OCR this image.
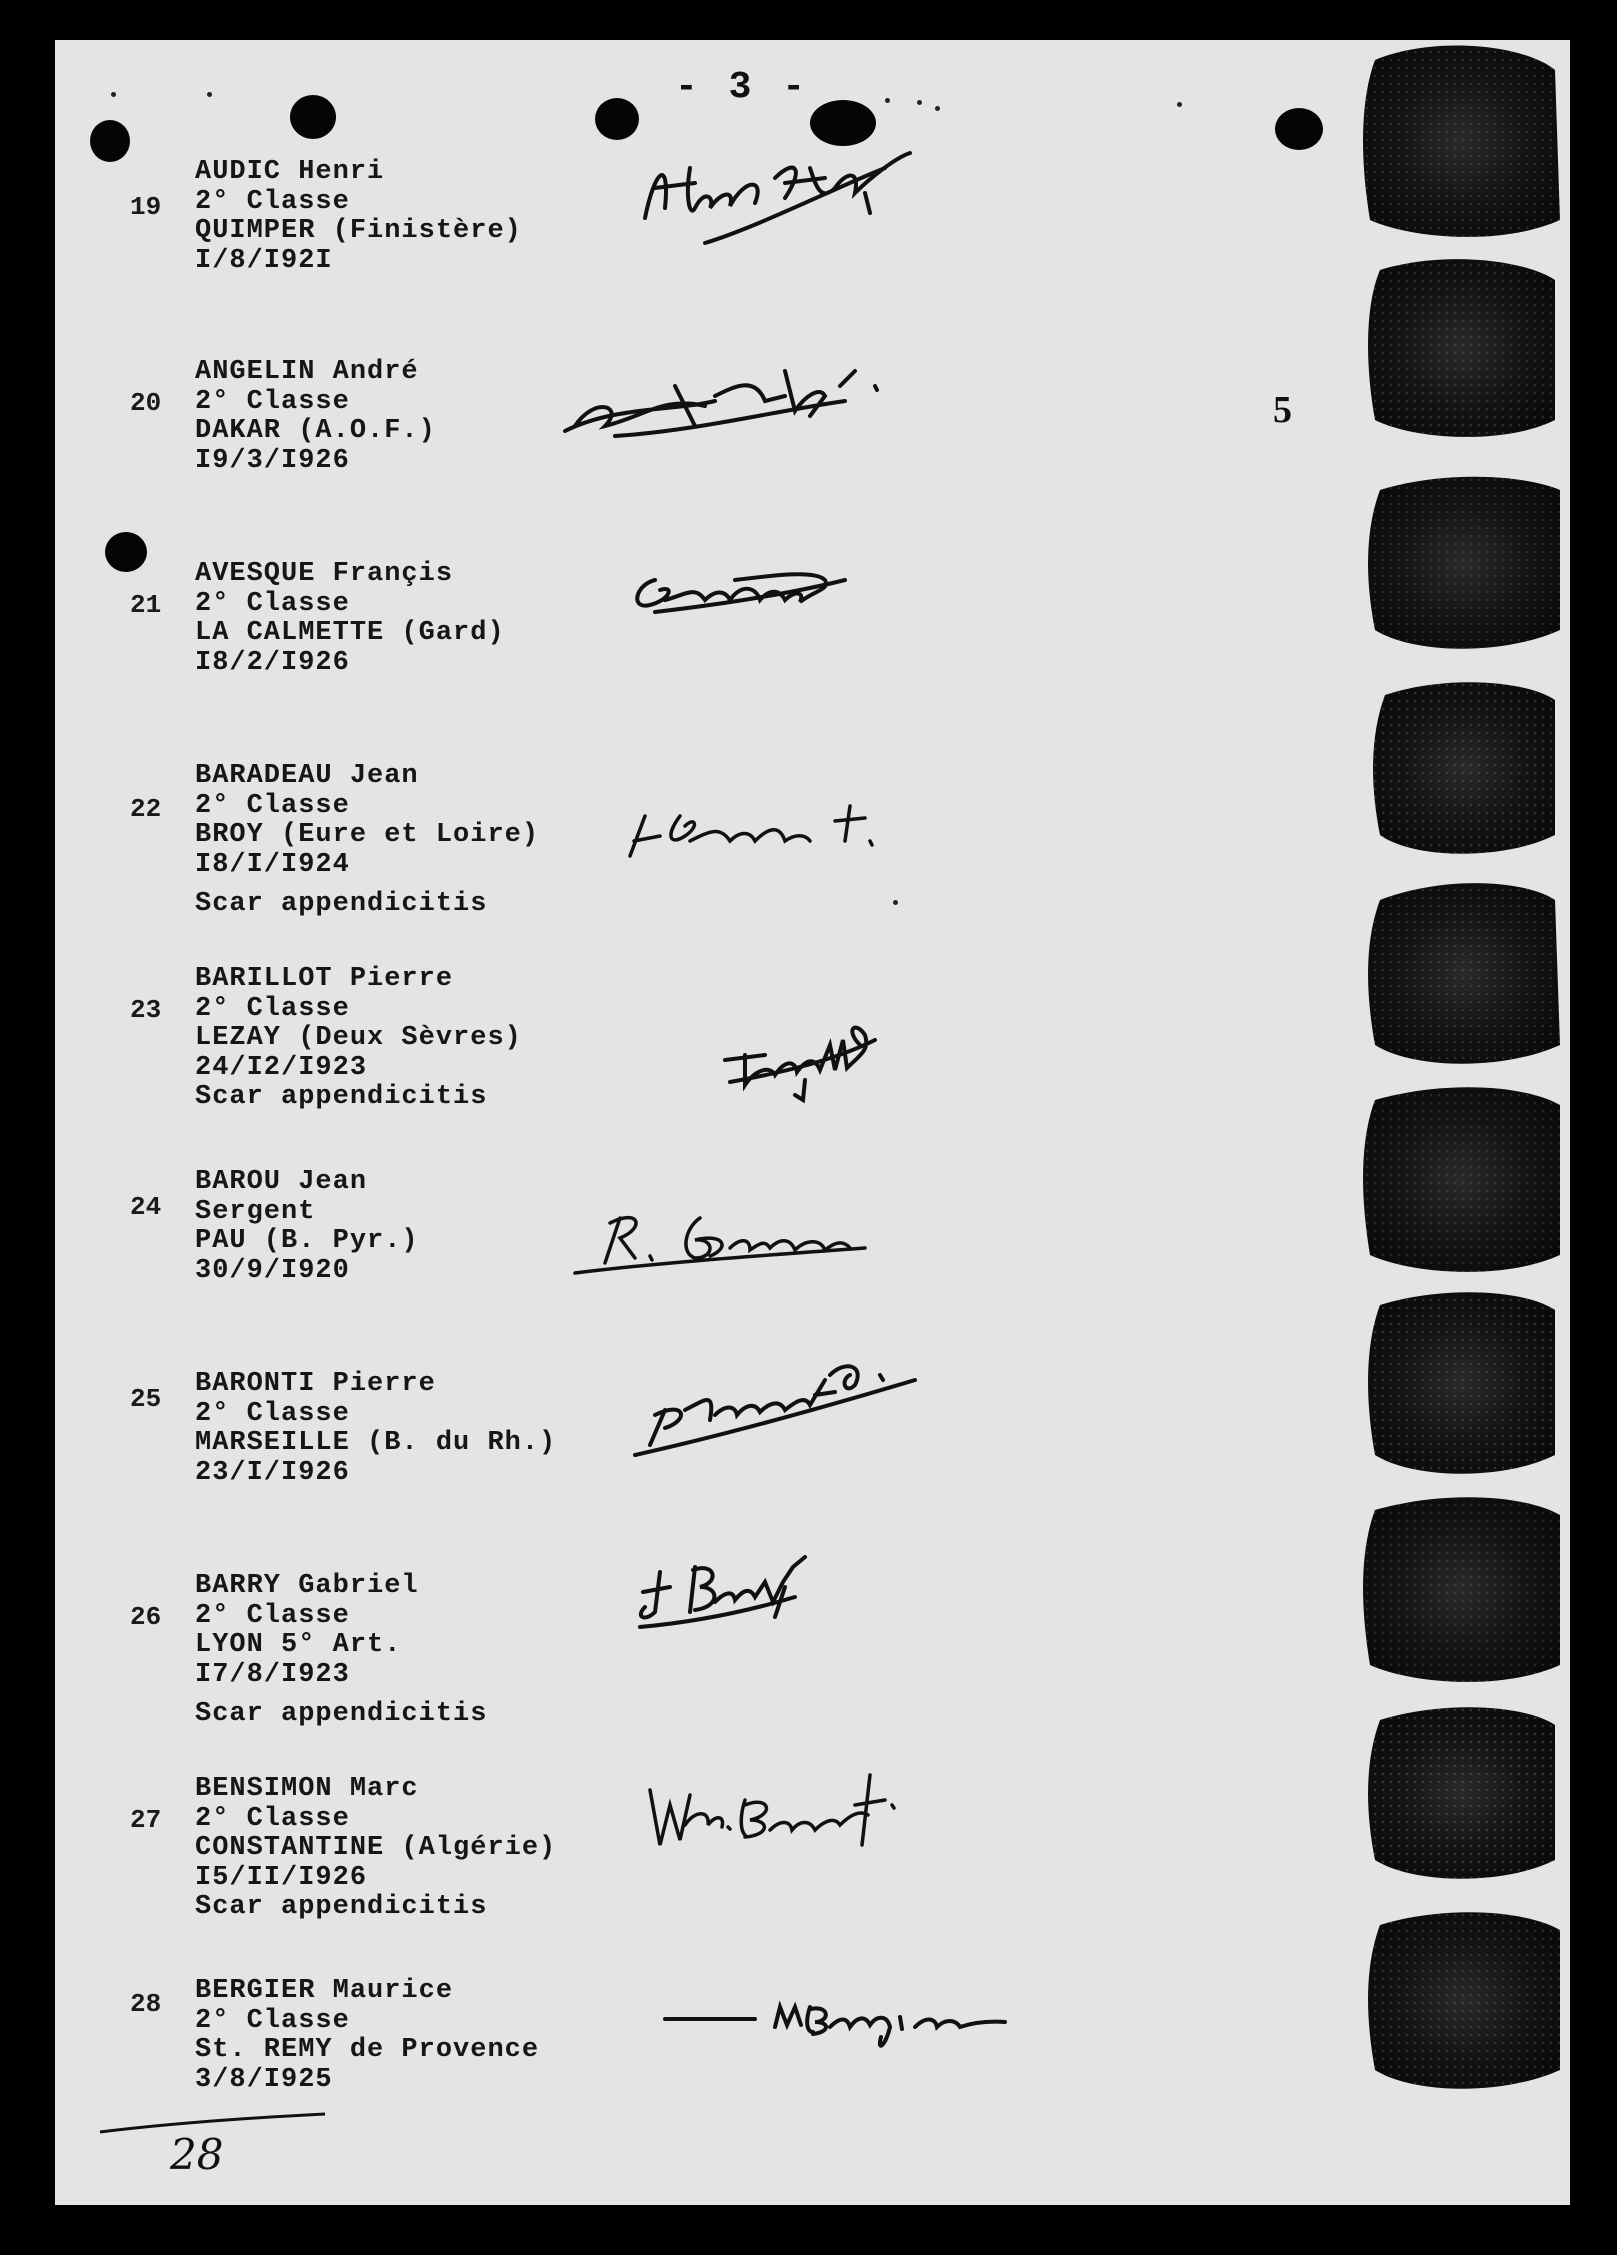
- 3 -
5
19
AUDIC Henri
2° Classe
QUIMPER (Finistère)
I/8/I92I
20
ANGELIN André
2° Classe
DAKAR (A.O.F.)
I9/3/I926
21
AVESQUE Françis
2° Classe
LA CALMETTE (Gard)
I8/2/I926
22
BARADEAU Jean
2° Classe
BROY (Eure et Loire)
I8/I/I924
Scar appendicitis
23
BARILLOT Pierre
2° Classe
LEZAY (Deux Sèvres)
24/I2/I923
Scar appendicitis
24
BAROU Jean
Sergent
PAU (B. Pyr.)
30/9/I920
25 BARONTI Pierre
2° Classe
MARSEILLE (B. du Rh.)
23/I/I926
26
BARRY Gabriel
2° Classe
LYON 5° Art.
I7/8/I923
Scar appendicitis
27
BENSIMON Marc
2° Classe
CONSTANTINE (Algérie)
I5/II/I926
Scar appendicitis
28 BERGIER Maurice
2° Classe
St. REMY de Provence
3/8/I925
28
